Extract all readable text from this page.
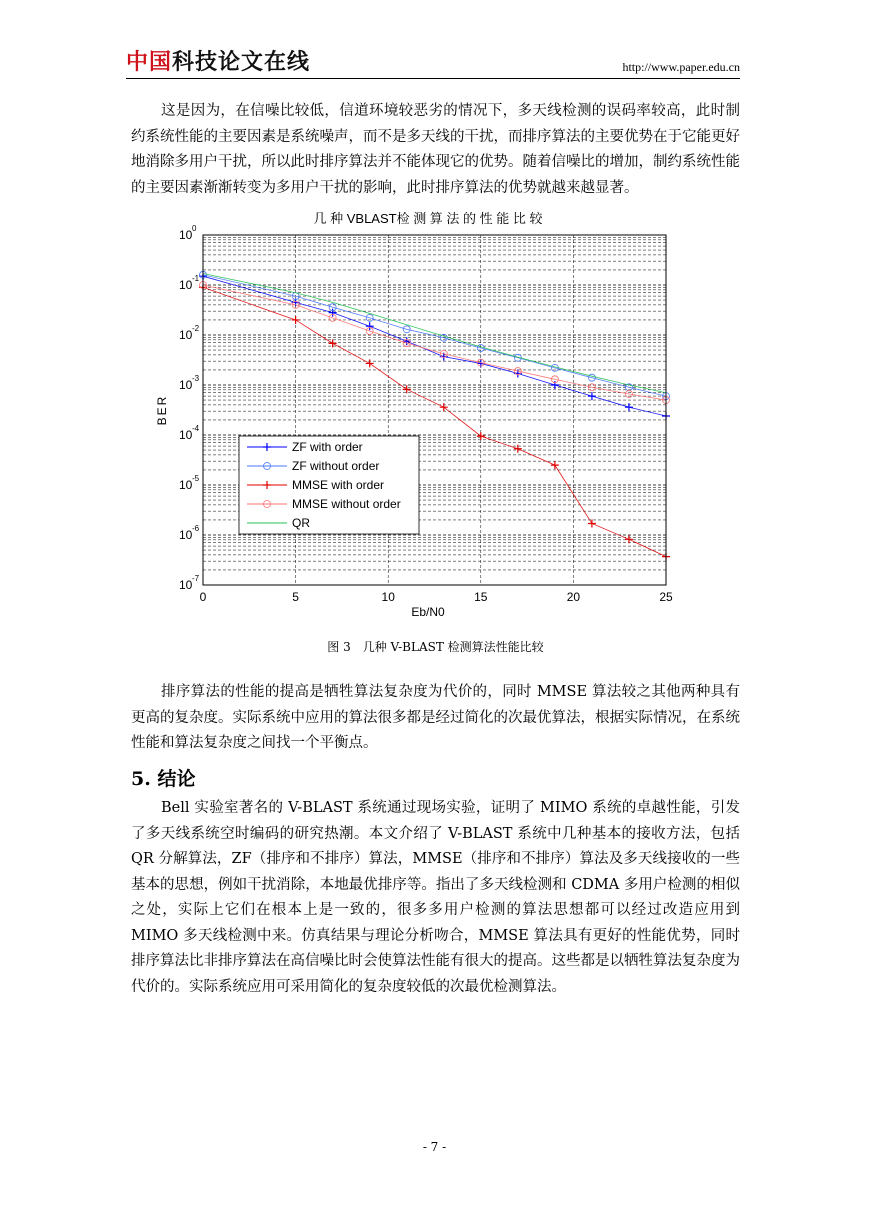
中国科技论文在线	http://www.paper.edu.cn

这是因为，在信噪比较低，信道环境较恶劣的情况下，多天线检测的误码率较高，此时制约系统性能的主要因素是系统噪声，而不是多天线的干扰，而排序算法的主要优势在于它能更好地消除多用户干扰，所以此时排序算法并不能体现它的优势。随着信噪比的增加，制约系统性能的主要因素渐渐转变为多用户干扰的影响，此时排序算法的优势就越来越显著。

几 种 VBLAST检 测 算 法 的 性 能 比 较
0	5	10	15	20	25
10 0
10 -1
10 -2
10 -3
10 -4
10 -5
10 -6
10 -7
Eb/N0
BER
ZF with order
ZF without order
MMSE with order
MMSE without order
QR
图 3　几种 V-BLAST 检测算法性能比较

排序算法的性能的提高是牺牲算法复杂度为代价的，同时 MMSE 算法较之其他两种具有更高的复杂度。实际系统中应用的算法很多都是经过简化的次最优算法，根据实际情况，在系统性能和算法复杂度之间找一个平衡点。

5. 结论

Bell 实验室著名的 V-BLAST 系统通过现场实验，证明了 MIMO 系统的卓越性能，引发了多天线系统空时编码的研究热潮。本文介绍了 V-BLAST 系统中几种基本的接收方法，包括 QR 分解算法，ZF（排序和不排序）算法，MMSE（排序和不排序）算法及多天线接收的一些基本的思想，例如干扰消除，本地最优排序等。指出了多天线检测和 CDMA 多用户检测的相似之处，实际上它们在根本上是一致的，很多多用户检测的算法思想都可以经过改造应用到 MIMO 多天线检测中来。仿真结果与理论分析吻合，MMSE 算法具有更好的性能优势，同时排序算法比非排序算法在高信噪比时会使算法性能有很大的提高。这些都是以牺牲算法复杂度为代价的。实际系统应用可采用简化的复杂度较低的次最优检测算法。

- 7 -
